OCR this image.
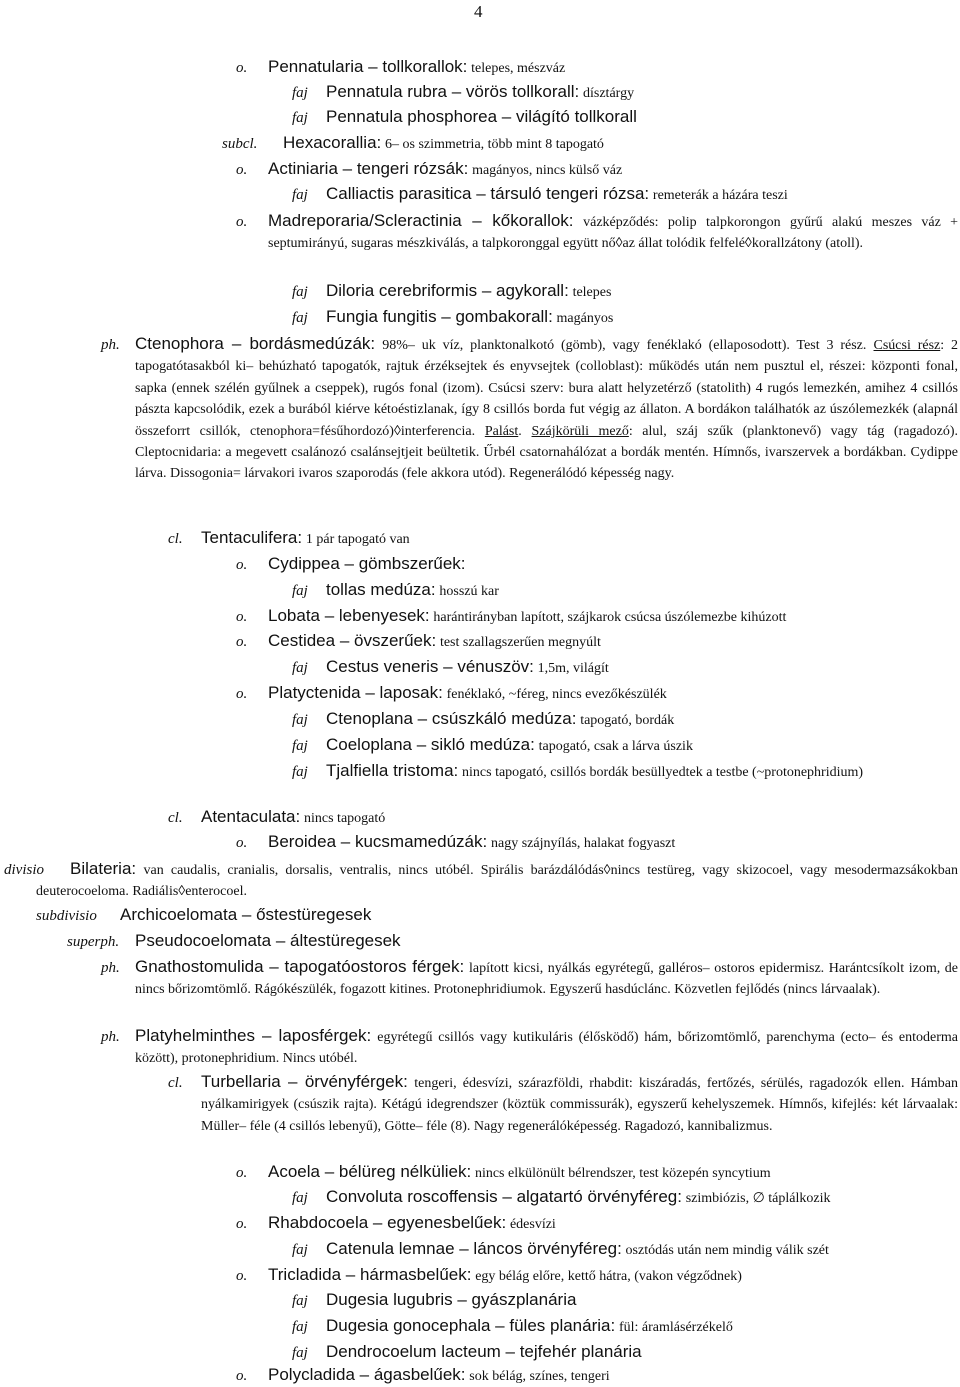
4
o. Pennatularia – tollkorallok: telepes, mészváz
faj Pennatula rubra – vörös tollkorall: dísztárgy
faj Pennatula phosphorea – világító tollkorall
subcl. Hexacorallia: 6– os szimmetria, több mint 8 tapogató
o. Actiniaria – tengeri rózsák: magányos, nincs külső váz
faj Calliactis parasitica – társuló tengeri rózsa: remeterák a házára teszi
o. Madreporaria/Scleractinia – kőkorallok: vázképződés: polip talpkorongon gyűrű alakú meszes váz + septumirányú, sugaras mészkiválás, a talpkoronggal együtt nő◊az állat tolódik felfelé◊korallzátony (atoll).
faj Diloria cerebriformis – agykorall: telepes
faj Fungia fungitis – gombakorall: magányos
ph. Ctenophora – bordásmedúzák: 98%– uk víz, planktonalkotó (gömb), vagy fenéklakó (ellaposodott). Test 3 rész. Csúcsi rész: 2 tapogatótasakból ki– behúzható tapogatók, rajtuk érzéksejtek és enyvsejtek (colloblast): működés után nem pusztul el, részei: központi fonal, sapka (ennek szélén gyűlnek a cseppek), rugós fonal (izom). Csúcsi szerv: bura alatt helyzetérző (statolith) 4 rugós lemezkén, amihez 4 csillós pászta kapcsolódik, ezek a burából kiérve kétoéstizlanak, így 8 csillós borda fut végig az állaton. A bordákon találhatók az úszólemezkék (alapnál összeforrt csillók, ctenophora=fésűhordozó)◊interferencia. Palást. Szájkörüli mező: alul, száj szűk (planktonevő) vagy tág (ragadozó). Cleptocnidaria: a megevett csalánozó csalánsejtjeit beültetik. Űrbél csatornahálózat a bordák mentén. Hímnős, ivarszervek a bordákban. Cydippe lárva. Dissogonia= lárvakori ivaros szaporodás (fele akkora utód). Regenerálódó képesség nagy.
cl. Tentaculifera: 1 pár tapogató van
o. Cydippea – gömbszerűek:
faj tollas medúza: hosszú kar
o. Lobata – lebenyesek: harántirányban lapított, szájkarok csúcsa úszólemezbe kihúzott
o. Cestidea – övszerűek: test szallagszerűen megnyúlt
faj Cestus veneris – vénuszöv: 1,5m, világít
o. Platyctenida – laposak: fenéklakó, ~féreg, nincs evezőkészülék
faj Ctenoplana – csúszkáló medúza: tapogató, bordák
faj Coeloplana – sikló medúza: tapogató, csak a lárva úszik
faj Tjalfiella tristoma: nincs tapogató, csillós bordák besüllyedtek a testbe (~protonephridium)
cl. Atentaculata: nincs tapogató
o. Beroidea – kucsmamedúzák: nagy szájnyílás, halakat fogyaszt
divisio	Bilateria: van caudalis, cranialis, dorsalis, ventralis, nincs utóbél. Spirális barázdálódás◊nincs testüreg, vagy skizocoel, vagy mesodermazsákokban deuterocoeloma. Radiális◊enterocoel.
subdivisio Archicoelomata – őstestüregesek
superph. Pseudocoelomata – áltestüregesek
ph. Gnathostomulida – tapogatóostoros férgek: lapított kicsi, nyálkás egyrétegű, galléros– ostoros epidermisz. Harántcsíkolt izom, de nincs bőrizomtömlő. Rágókészülék, fogazott kitines. Protonephridiumok. Egyszerű hasdúclánc. Közvetlen fejlődés (nincs lárvaalak).
ph. Platyhelminthes – laposférgek: egyrétegű csillós vagy kutikuláris (élősködő) hám, bőrizomtömlő, parenchyma (ecto– és entoderma között), protonephridium. Nincs utóbél.
cl. Turbellaria – örvényférgek: tengeri, édesvízi, szárazföldi, rhabdit: kiszáradás, fertőzés, sérülés, ragadozók ellen. Hámban nyálkamirigyek (csúszik rajta). Kétágú idegrendszer (köztük commissurák), egyszerű kehelyszemek. Hímnős, kifejlés: két lárvaalak: Müller– féle (4 csillós lebenyű), Götte– féle (8). Nagy regenerálóképesség. Ragadozó, kannibalizmus.
o. Acoela – bélüreg nélküliek: nincs elkülönült bélrendszer, test közepén syncytium
faj Convoluta roscoffensis – algatartó örvényféreg: szimbiózis, ∅ táplálkozik
o. Rhabdocoela – egyenesbelűek: édesvízi
faj Catenula lemnae – láncos örvényféreg: osztódás után nem mindig válik szét
o. Tricladida – hármasbelűek: egy bélág előre, kettő hátra, (vakon végződnek)
faj Dugesia lugubris – gyászplanária
faj Dugesia gonocephala – füles planária: fül: áramlásérzékelő
faj Dendrocoelum lacteum – tejfehér planária
o. Polycladida – ágasbelűek: sok bélág, színes, tengeri
